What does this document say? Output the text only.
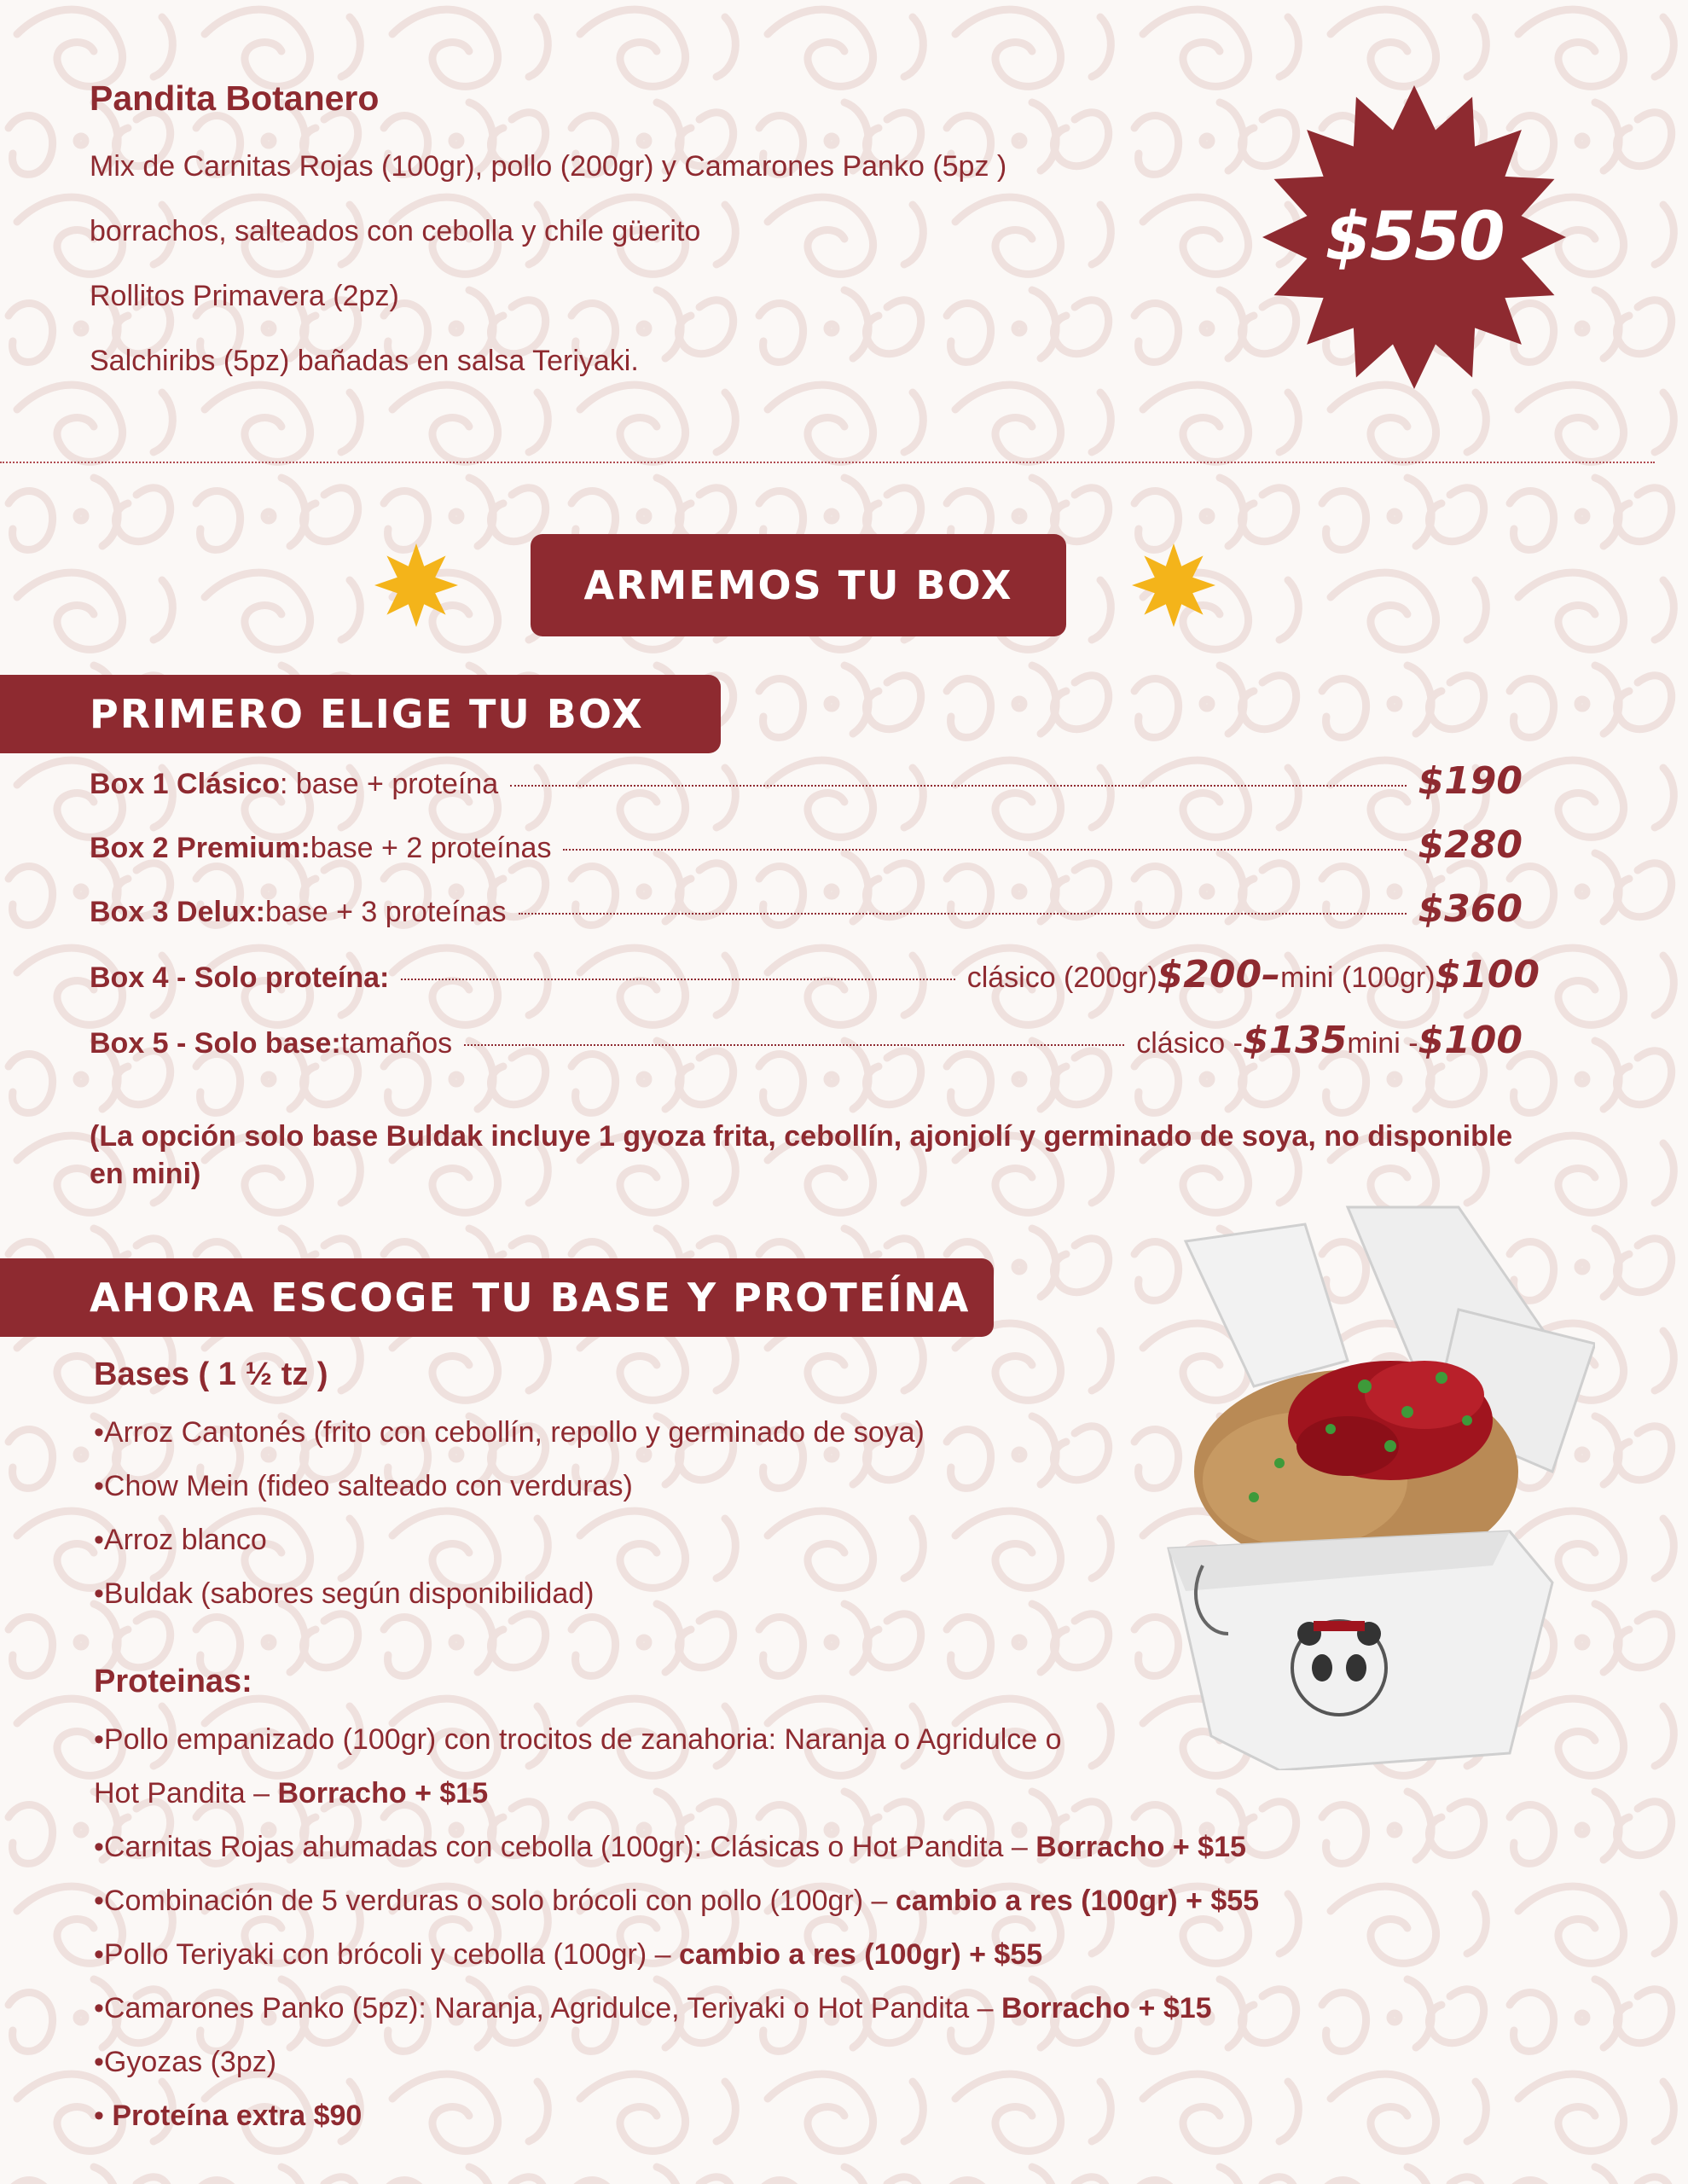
Pandita Botanero
Mix de Carnitas Rojas (100gr), pollo (200gr) y Camarones Panko (5pz )
borrachos, salteados con cebolla y chile güerito
Rollitos Primavera (2pz)
Salchiribs (5pz) bañadas en salsa Teriyaki.
$550
ARMEMOS TU BOX
PRIMERO ELIGE TU BOX
Box 1 Clásico : base + proteína	$190
Box 2 Premium: base + 2 proteínas	$280
Box 3 Delux: base + 3 proteínas	$360
Box 4 - Solo proteína:	clásico (200gr) $200 – mini (100gr) $100
Box 5 - Solo base: tamaños	clásico - $135 mini - $100
(La opción solo base Buldak incluye 1 gyoza frita, cebollín, ajonjolí y germinado de soya, no disponible en mini)
AHORA ESCOGE TU BASE Y PROTEÍNA
Bases ( 1 ½ tz )
•Arroz Cantonés (frito con cebollín, repollo y germinado de soya)
•Chow Mein (fideo salteado con verduras)
•Arroz blanco
•Buldak (sabores según disponibilidad)
Proteinas:
•Pollo empanizado (100gr) con trocitos de zanahoria: Naranja o Agridulce o
Hot Pandita – Borracho + $15
•Carnitas Rojas ahumadas con cebolla (100gr): Clásicas o Hot Pandita – Borracho + $15
•Combinación de 5 verduras o solo brócoli con pollo (100gr) – cambio a res (100gr) + $55
•Pollo Teriyaki con brócoli y cebolla (100gr) – cambio a res (100gr) + $55
•Camarones Panko (5pz): Naranja, Agridulce, Teriyaki o Hot Pandita – Borracho + $15
•Gyozas (3pz)
• Proteína extra $90
